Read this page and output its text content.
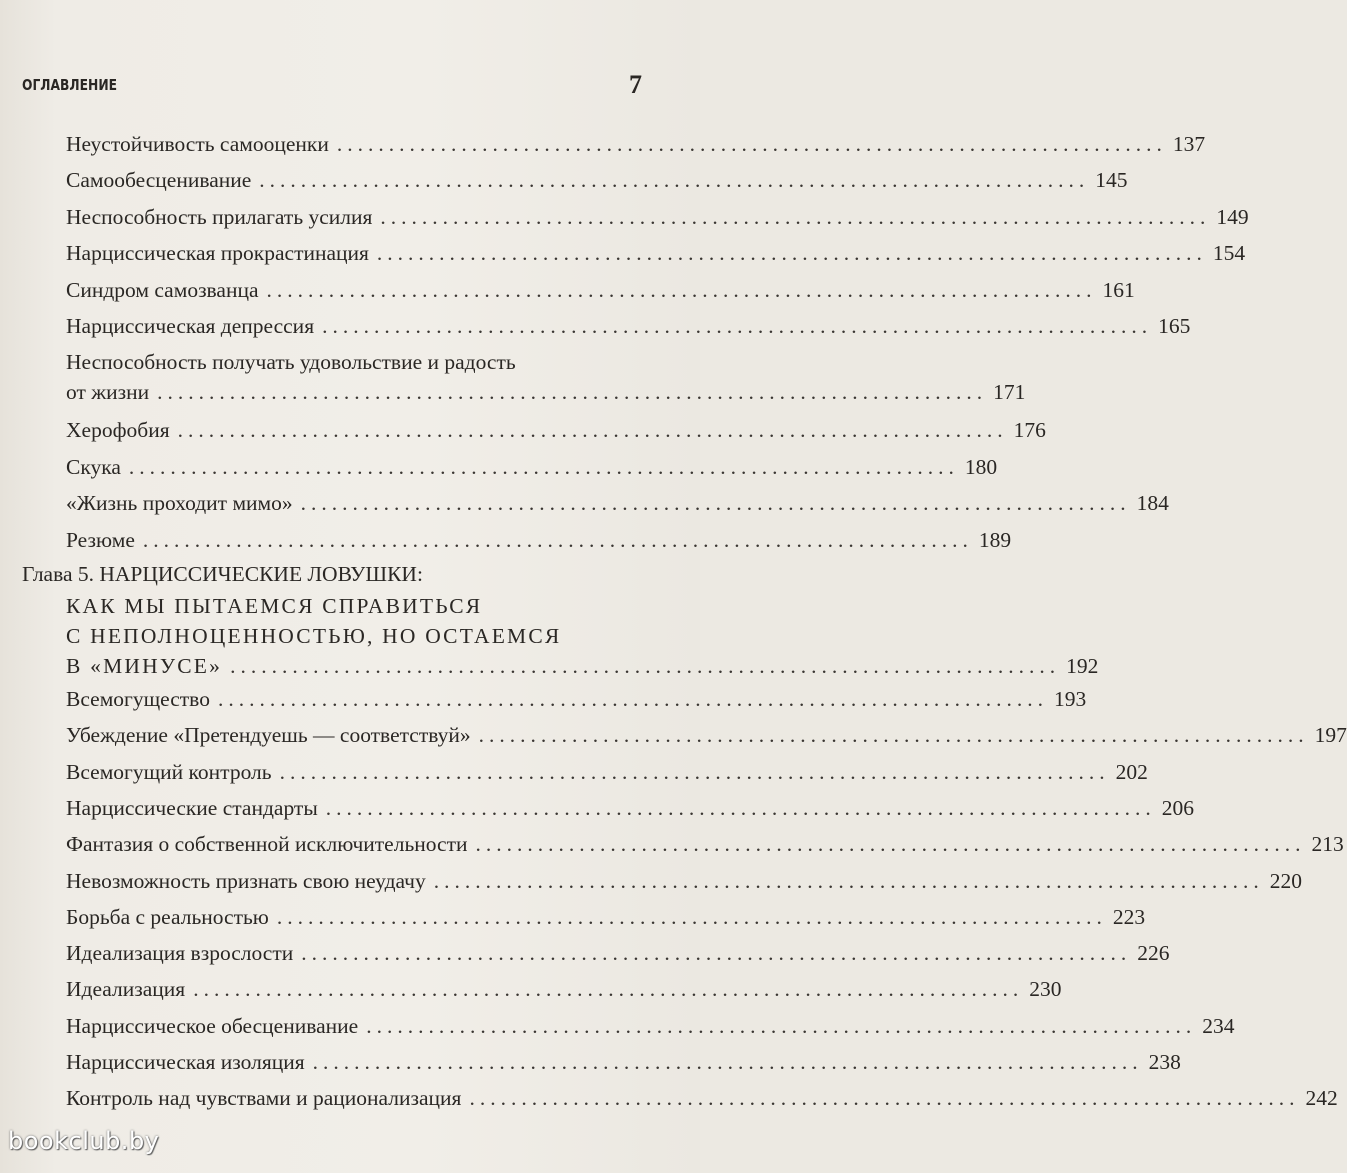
ОГЛАВЛЕНИЕ	7
Неустойчивость самооценки ................................................................................ 137
Самообесценивание ................................................................................ 145
Неспособность прилагать усилия ................................................................................ 149
Нарциссическая прокрастинация ................................................................................ 154
Синдром самозванца ................................................................................ 161
Нарциссическая депрессия ................................................................................ 165
Неспособность получать удовольствие и радость
от жизни ................................................................................ 171
Херофобия ................................................................................ 176
Скука ................................................................................ 180
«Жизнь проходит мимо» ................................................................................ 184
Резюме ................................................................................ 189
Глава 5. НАРЦИССИЧЕСКИЕ ЛОВУШКИ:
КАК МЫ ПЫТАЕМСЯ СПРАВИТЬСЯ
С НЕПОЛНОЦЕННОСТЬЮ, НО ОСТАЕМСЯ
В «МИНУСЕ» ................................................................................ 192
Всемогущество ................................................................................ 193
Убеждение «Претендуешь — соответствуй» ................................................................................ 197
Всемогущий контроль ................................................................................ 202
Нарциссические стандарты ................................................................................ 206
Фантазия о собственной исключительности ................................................................................ 213
Невозможность признать свою неудачу ................................................................................ 220
Борьба с реальностью ................................................................................ 223
Идеализация взрослости ................................................................................ 226
Идеализация ................................................................................ 230
Нарциссическое обесценивание ................................................................................ 234
Нарциссическая изоляция ................................................................................ 238
Контроль над чувствами и рационализация ................................................................................ 242
bookclub.by
